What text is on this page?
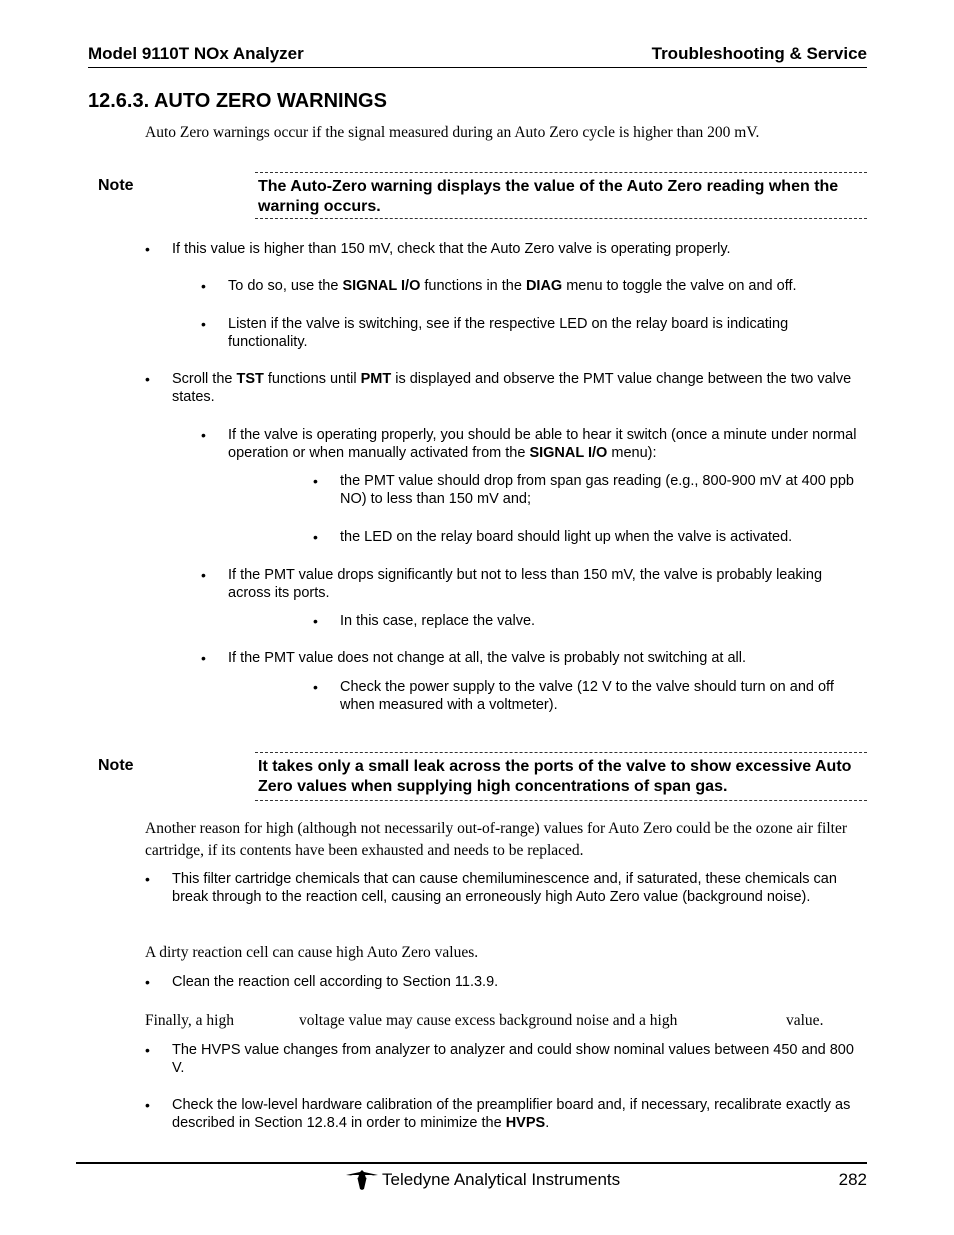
Model 9110T NOx Analyzer	Troubleshooting & Service
12.6.3. AUTO ZERO WARNINGS
Auto Zero warnings occur if the signal measured during an Auto Zero cycle is higher than 200 mV.
Note	The Auto-Zero warning displays the value of the Auto Zero reading when the warning occurs.
• If this value is higher than 150 mV, check that the Auto Zero valve is operating properly.
• To do so, use the SIGNAL I/O functions in the DIAG menu to toggle the valve on and off.
• Listen if the valve is switching, see if the respective LED on the relay board is indicating functionality.
• Scroll the TST functions until PMT is displayed and observe the PMT value change between the two valve states.
• If the valve is operating properly, you should be able to hear it switch (once a minute under normal operation or when manually activated from the SIGNAL I/O menu):
• the PMT value should drop from span gas reading (e.g., 800-900 mV at 400 ppb NO) to less than 150 mV and;
• the LED on the relay board should light up when the valve is activated.
• If the PMT value drops significantly but not to less than 150 mV, the valve is probably leaking across its ports.
• In this case, replace the valve.
• If the PMT value does not change at all, the valve is probably not switching at all.
• Check the power supply to the valve (12 V to the valve should turn on and off when measured with a voltmeter).
Note	It takes only a small leak across the ports of the valve to show excessive Auto Zero values when supplying high concentrations of span gas.
Another reason for high (although not necessarily out-of-range) values for Auto Zero could be the ozone air filter cartridge, if its contents have been exhausted and needs to be replaced.
• This filter cartridge chemicals that can cause chemiluminescence and, if saturated, these chemicals can break through to the reaction cell, causing an erroneously high Auto Zero value (background noise).
A dirty reaction cell can cause high Auto Zero values.
• Clean the reaction cell according to Section 11.3.9.
Finally, a high	voltage value may cause excess background noise and a high	value.
• The HVPS value changes from analyzer to analyzer and could show nominal values between 450 and 800 V.
• Check the low-level hardware calibration of the preamplifier board and, if necessary, recalibrate exactly as described in Section 12.8.4 in order to minimize the HVPS.
Teledyne Analytical Instruments	282
